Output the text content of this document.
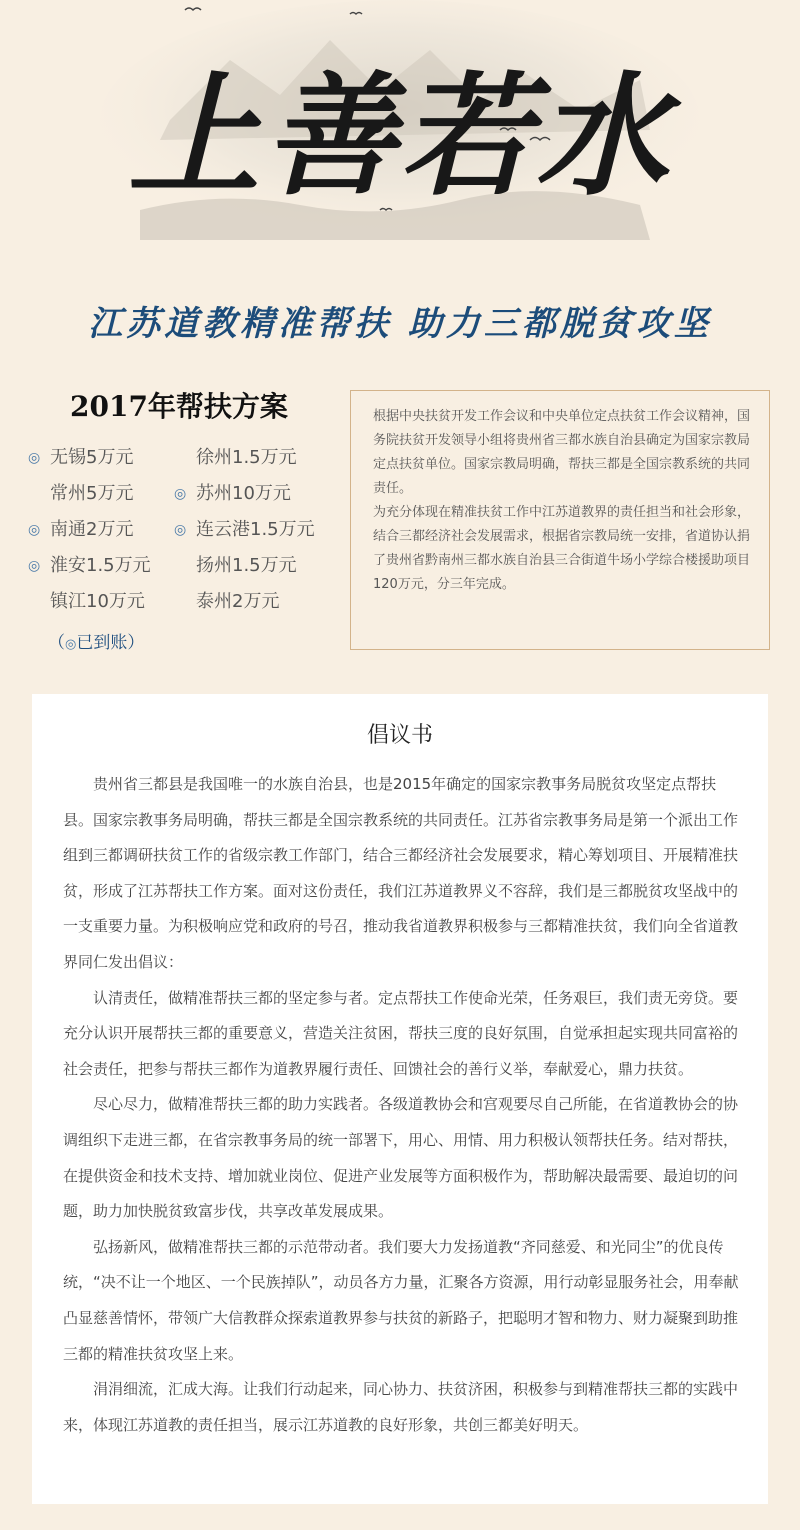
上善若水
江苏道教精准帮扶 助力三都脱贫攻坚
2017年帮扶方案
◎ 无锡5万元	徐州1.5万元
常州5万元	◎ 苏州10万元
◎ 南通2万元	◎ 连云港1.5万元
◎ 淮安1.5万元	扬州1.5万元
镇江10万元	泰州2万元
（◎已到账）

根据中央扶贫开发工作会议和中央单位定点扶贫工作会议精神，国务院扶贫开发领导小组将贵州省三都水族自治县确定为国家宗教局定点扶贫单位。国家宗教局明确，帮扶三都是全国宗教系统的共同责任。

为充分体现在精准扶贫工作中江苏道教界的责任担当和社会形象，结合三都经济社会发展需求，根据省宗教局统一安排，省道协认捐了贵州省黔南州三都水族自治县三合街道牛场小学综合楼援助项目120万元，分三年完成。

倡议书

贵州省三都县是我国唯一的水族自治县，也是2015年确定的国家宗教事务局脱贫攻坚定点帮扶县。国家宗教事务局明确，帮扶三都是全国宗教系统的共同责任。江苏省宗教事务局是第一个派出工作组到三都调研扶贫工作的省级宗教工作部门，结合三都经济社会发展要求，精心筹划项目、开展精准扶贫，形成了江苏帮扶工作方案。面对这份责任，我们江苏道教界义不容辞，我们是三都脱贫攻坚战中的一支重要力量。为积极响应党和政府的号召，推动我省道教界积极参与三都精准扶贫，我们向全省道教界同仁发出倡议：

认清责任，做精准帮扶三都的坚定参与者。定点帮扶工作使命光荣，任务艰巨，我们责无旁贷。要充分认识开展帮扶三都的重要意义，营造关注贫困，帮扶三度的良好氛围，自觉承担起实现共同富裕的社会责任，把参与帮扶三都作为道教界履行责任、回馈社会的善行义举，奉献爱心，鼎力扶贫。

尽心尽力，做精准帮扶三都的助力实践者。各级道教协会和宫观要尽自己所能，在省道教协会的协调组织下走进三都，在省宗教事务局的统一部署下，用心、用情、用力积极认领帮扶任务。结对帮扶，在提供资金和技术支持、增加就业岗位、促进产业发展等方面积极作为，帮助解决最需要、最迫切的问题，助力加快脱贫致富步伐，共享改革发展成果。

弘扬新风，做精准帮扶三都的示范带动者。我们要大力发扬道教“齐同慈爱、和光同尘”的优良传统，“决不让一个地区、一个民族掉队”，动员各方力量，汇聚各方资源，用行动彰显服务社会，用奉献凸显慈善情怀，带领广大信教群众探索道教界参与扶贫的新路子，把聪明才智和物力、财力凝聚到助推三都的精准扶贫攻坚上来。

涓涓细流，汇成大海。让我们行动起来，同心协力、扶贫济困，积极参与到精准帮扶三都的实践中来，体现江苏道教的责任担当，展示江苏道教的良好形象，共创三都美好明天。
